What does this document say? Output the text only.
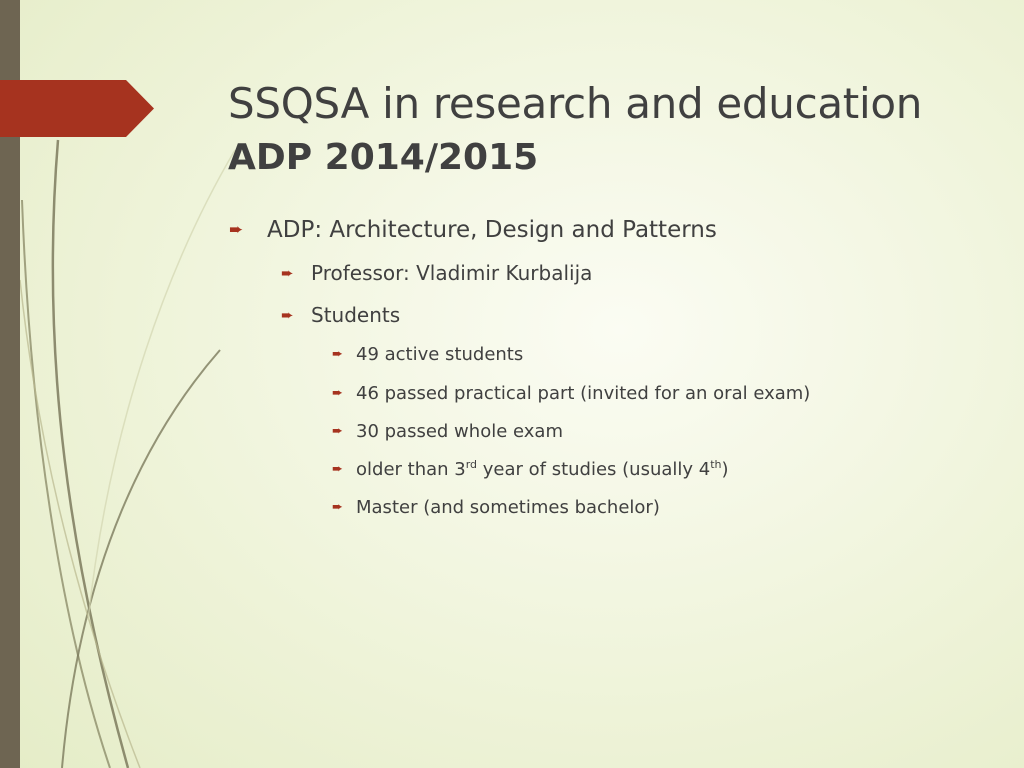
SSQSA in research and education
ADP 2014/2015
➨	ADP: Architecture, Design and Patterns
➨ Professor: Vladimir Kurbalija
➨ Students
➨ 49 active students
➨ 46 passed practical part (invited for an oral exam)
➨ 30 passed whole exam
➨ older than 3rd year of studies (usually 4th)
➨ Master (and sometimes bachelor)
